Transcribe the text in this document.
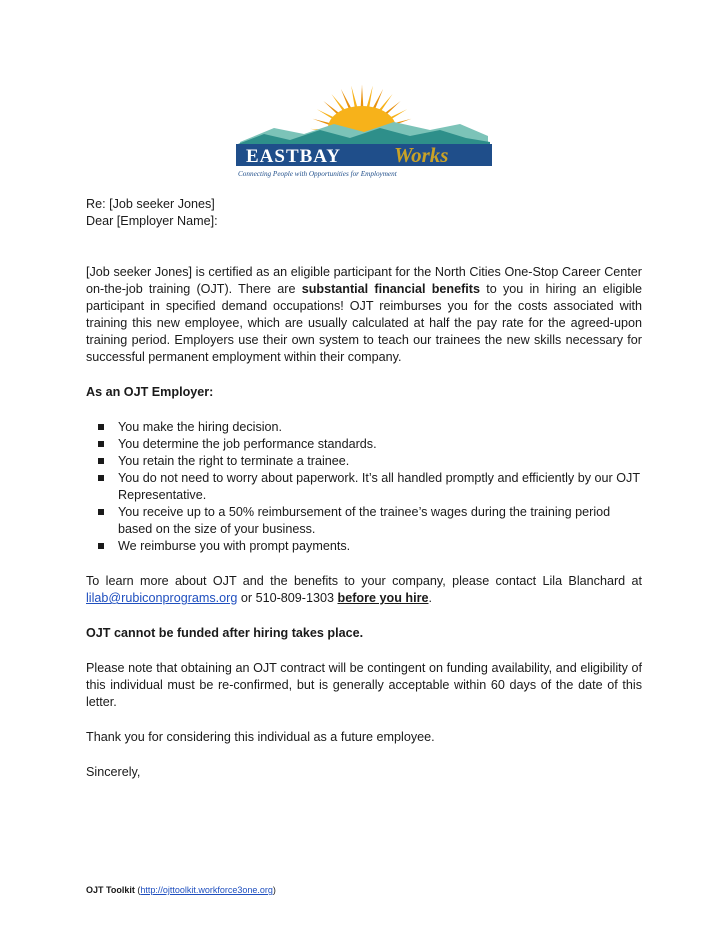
EASTBAY	Works
Connecting People with Opportunities for Employment

Re: [Job seeker Jones]

Dear [Employer Name]:

[Job seeker Jones] is certified as an eligible participant for the North Cities One-Stop Career Center on-the-job training (OJT). There are substantial financial benefits to you in hiring an eligible participant in specified demand occupations! OJT reimburses you for the costs associated with training this new employee, which are usually calculated at half the pay rate for the agreed-upon training period. Employers use their own system to teach our trainees the new skills necessary for successful permanent employment within their company.

As an OJT Employer:

You make the hiring decision.
You determine the job performance standards.
You retain the right to terminate a trainee.
You do not need to worry about paperwork. It’s all handled promptly and efficiently by our OJT Representative.
You receive up to a 50% reimbursement of the trainee’s wages during the training period based on the size of your business.
We reimburse you with prompt payments.

To learn more about OJT and the benefits to your company, please contact Lila Blanchard at lilab@rubiconprograms.org or 510-809-1303 before you hire.

OJT cannot be funded after hiring takes place.

Please note that obtaining an OJT contract will be contingent on funding availability, and eligibility of this individual must be re-confirmed, but is generally acceptable within 60 days of the date of this letter.

Thank you for considering this individual as a future employee.

Sincerely,

OJT Toolkit (http://ojttoolkit.workforce3one.org)
